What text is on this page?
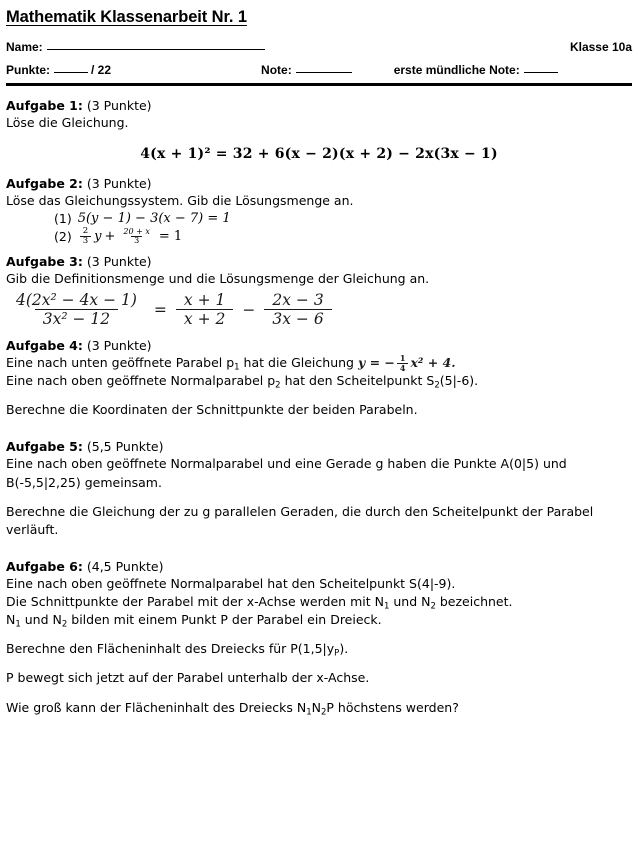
Mathematik Klassenarbeit Nr. 1
Name:	Klasse 10a
Punkte:	/ 22	Note:	erste mündliche Note:
Aufgabe 1: (3 Punkte)
Löse die Gleichung.
4(x + 1)² = 32 + 6(x − 2)(x + 2) − 2x(3x − 1)
Aufgabe 2: (3 Punkte)
Löse das Gleichungssystem. Gib die Lösungsmenge an.
(1) 5(y − 1) − 3(x − 7) = 1
$(2) \frac{2}{3}$ $y + \frac{20 + x}{3} = 1$
Aufgabe 3: (3 Punkte)
Gib die Definitionsmenge und die Lösungsmenge der Gleichung an.
$\frac{\text{4(2x² − 4x − 1)}}{\text{3x² − 12}} = \frac{x + 1}{x + 2} - \frac{2x - 3}{3x - 6}$
Aufgabe 4: (3 Punkte)
Eine nach unten geöffnete Parabel $p_1$ hat die Gleichung y = − $\frac{1}{4} x^2 + 4$.
Eine nach oben geöffnete Normalparabel $p_2$ hat den Scheitelpunkt $S_2(5|-6)$.
Berechne die Koordinaten der Schnittpunkte der beiden Parabeln.
Aufgabe 5: (5,5 Punkte)
Eine nach oben geöffnete Normalparabel und eine Gerade g haben die Punkte A(0|5) und
B(-5,5|2,25) gemeinsam.
Berechne die Gleichung der zu g parallelen Geraden, die durch den Scheitelpunkt der Parabel
verläuft.
Aufgabe 6: (4,5 Punkte)
Eine nach oben geöffnete Normalparabel hat den Scheitelpunkt S(4|-9).
Die Schnittpunkte der Parabel mit der x-Achse werden mit $N_1$ und $N_2$ bezeichnet.
$N_1$ und $N_2$ bilden mit einem Punkt P der Parabel ein Dreieck.
Berechne den Flächeninhalt des Dreiecks für $P(1,5|y_P)$.
P bewegt sich jetzt auf der Parabel unterhalb der x-Achse.
Wie groß kann der Flächeninhalt des Dreiecks $N_1N_2P$ höchstens werden?
